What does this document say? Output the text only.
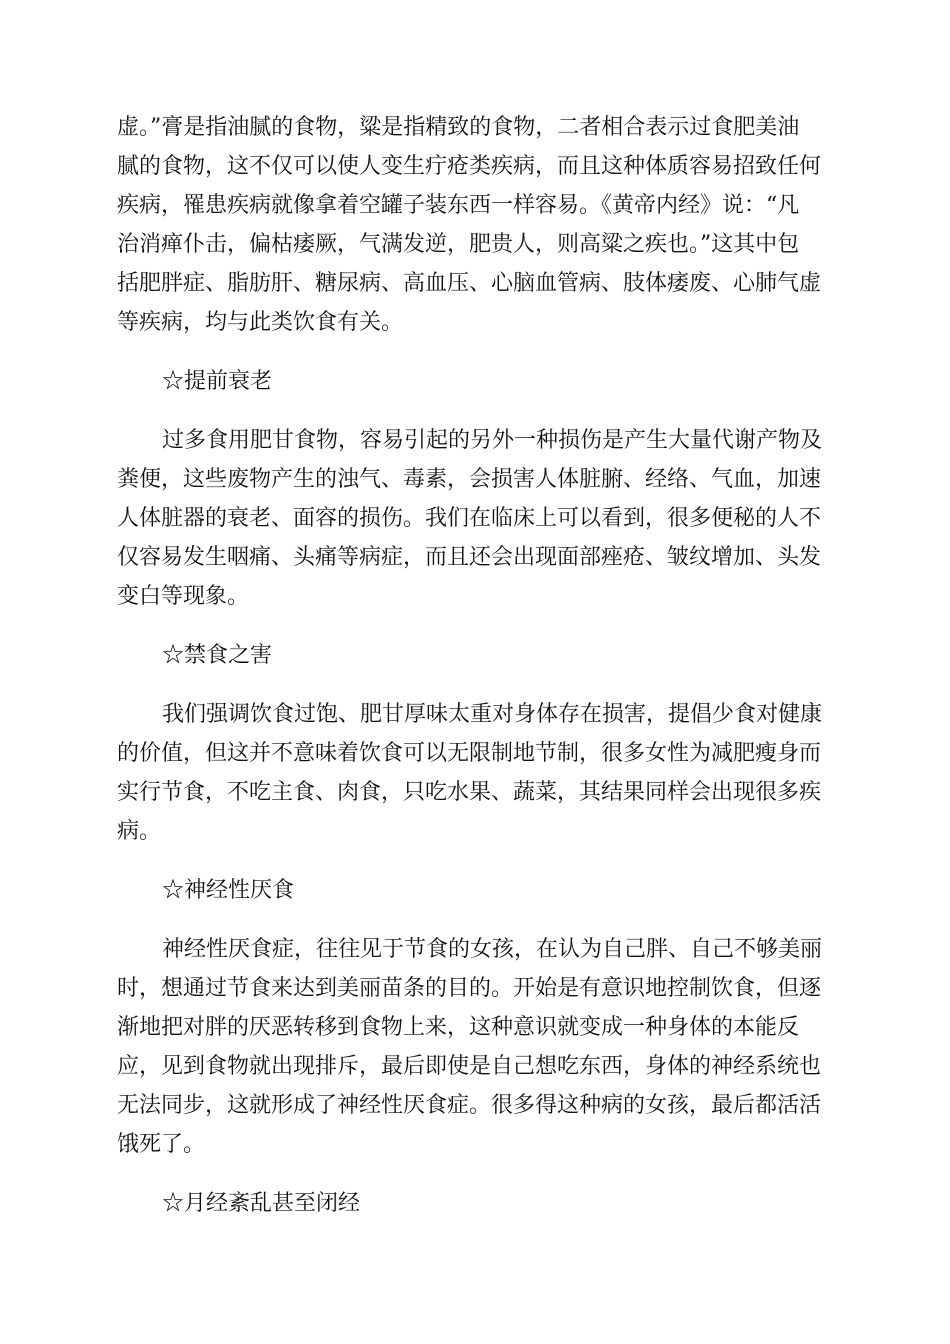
虚。”膏是指油腻的食物，粱是指精致的食物，二者相合表示过食肥美油
腻的食物，这不仅可以使人变生疔疮类疾病，而且这种体质容易招致任何
疾病，罹患疾病就像拿着空罐子装东西一样容易。《黄帝内经》说：“凡
治消瘅仆击，偏枯痿厥，气满发逆，肥贵人，则高粱之疾也。”这其中包
括肥胖症、脂肪肝、糖尿病、高血压、心脑血管病、肢体痿废、心肺气虚
等疾病，均与此类饮食有关。
☆提前衰老
过多食用肥甘食物，容易引起的另外一种损伤是产生大量代谢产物及
粪便，这些废物产生的浊气、毒素，会损害人体脏腑、经络、气血，加速
人体脏器的衰老、面容的损伤。我们在临床上可以看到，很多便秘的人不
仅容易发生咽痛、头痛等病症，而且还会出现面部痤疮、皱纹增加、头发
变白等现象。
☆禁食之害
我们强调饮食过饱、肥甘厚味太重对身体存在损害，提倡少食对健康
的价值，但这并不意味着饮食可以无限制地节制，很多女性为减肥瘦身而
实行节食，不吃主食、肉食，只吃水果、蔬菜，其结果同样会出现很多疾
病。
☆神经性厌食
神经性厌食症，往往见于节食的女孩，在认为自己胖、自己不够美丽
时，想通过节食来达到美丽苗条的目的。开始是有意识地控制饮食，但逐
渐地把对胖的厌恶转移到食物上来，这种意识就变成一种身体的本能反
应，见到食物就出现排斥，最后即使是自己想吃东西，身体的神经系统也
无法同步，这就形成了神经性厌食症。很多得这种病的女孩，最后都活活
饿死了。
☆月经紊乱甚至闭经
